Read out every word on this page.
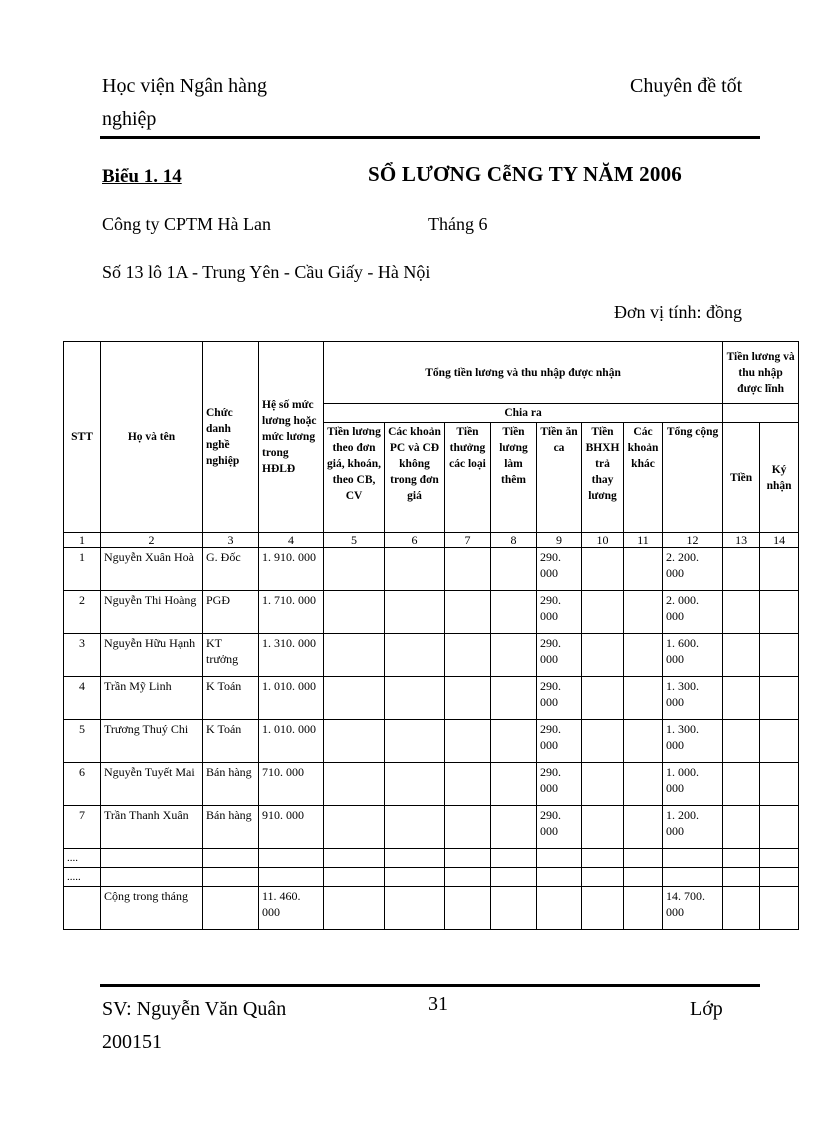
Học viện Ngân hàng
nghiệp
Chuyên đề tốt
Biểu 1. 14	SỔ LƯƠNG CễNG TY NĂM 2006
Công ty CPTM Hà Lan	Tháng 6
Số 13 lô 1A - Trung Yên - Cầu Giấy - Hà Nội
Đơn vị tính: đồng
STT	Họ và tên	Chức danh nghề nghiệp	Hệ số mức lương hoặc mức lương trong HĐLĐ	Tổng tiền lương và thu nhập được nhận								Tiền lương và thu nhập được lĩnh	
				Chia ra									
				Tiền lương theo đơn giá, khoán, theo CB, CV	Các khoản PC và CĐ không trong đơn giá	Tiền thưởng các loại	Tiền lương làm thêm	Tiền ăn ca	Tiền BHXH trả thay lương	Các khoản khác	Tổng cộng	Tiền	Ký nhận
1	2	3	4	5	6	7	8	9	10	11	12	13	14
1	Nguyễn Xuân Hoà	G. Đốc	1. 910. 000					290. 000			2. 200. 000		
2	Nguyễn Thi Hoàng	PGĐ	1. 710. 000					290. 000			2. 000. 000		
3	Nguyễn Hữu Hạnh	KT trưởng	1. 310. 000					290. 000			1. 600. 000		
4	Trần Mỹ Linh	K Toán	1. 010. 000					290. 000			1. 300. 000		
5	Trương Thuý Chi	K Toán	1. 010. 000					290. 000			1. 300. 000		
6	Nguyễn Tuyết Mai	Bán hàng	710. 000					290. 000			1. 000. 000		
7	Trần Thanh Xuân	Bán hàng	910. 000					290. 000			1. 200. 000		
....													
.....													
	Cộng trong tháng		11. 460. 000								14. 700. 000		
SV: Nguyễn Văn Quân
200151
31	Lớp
